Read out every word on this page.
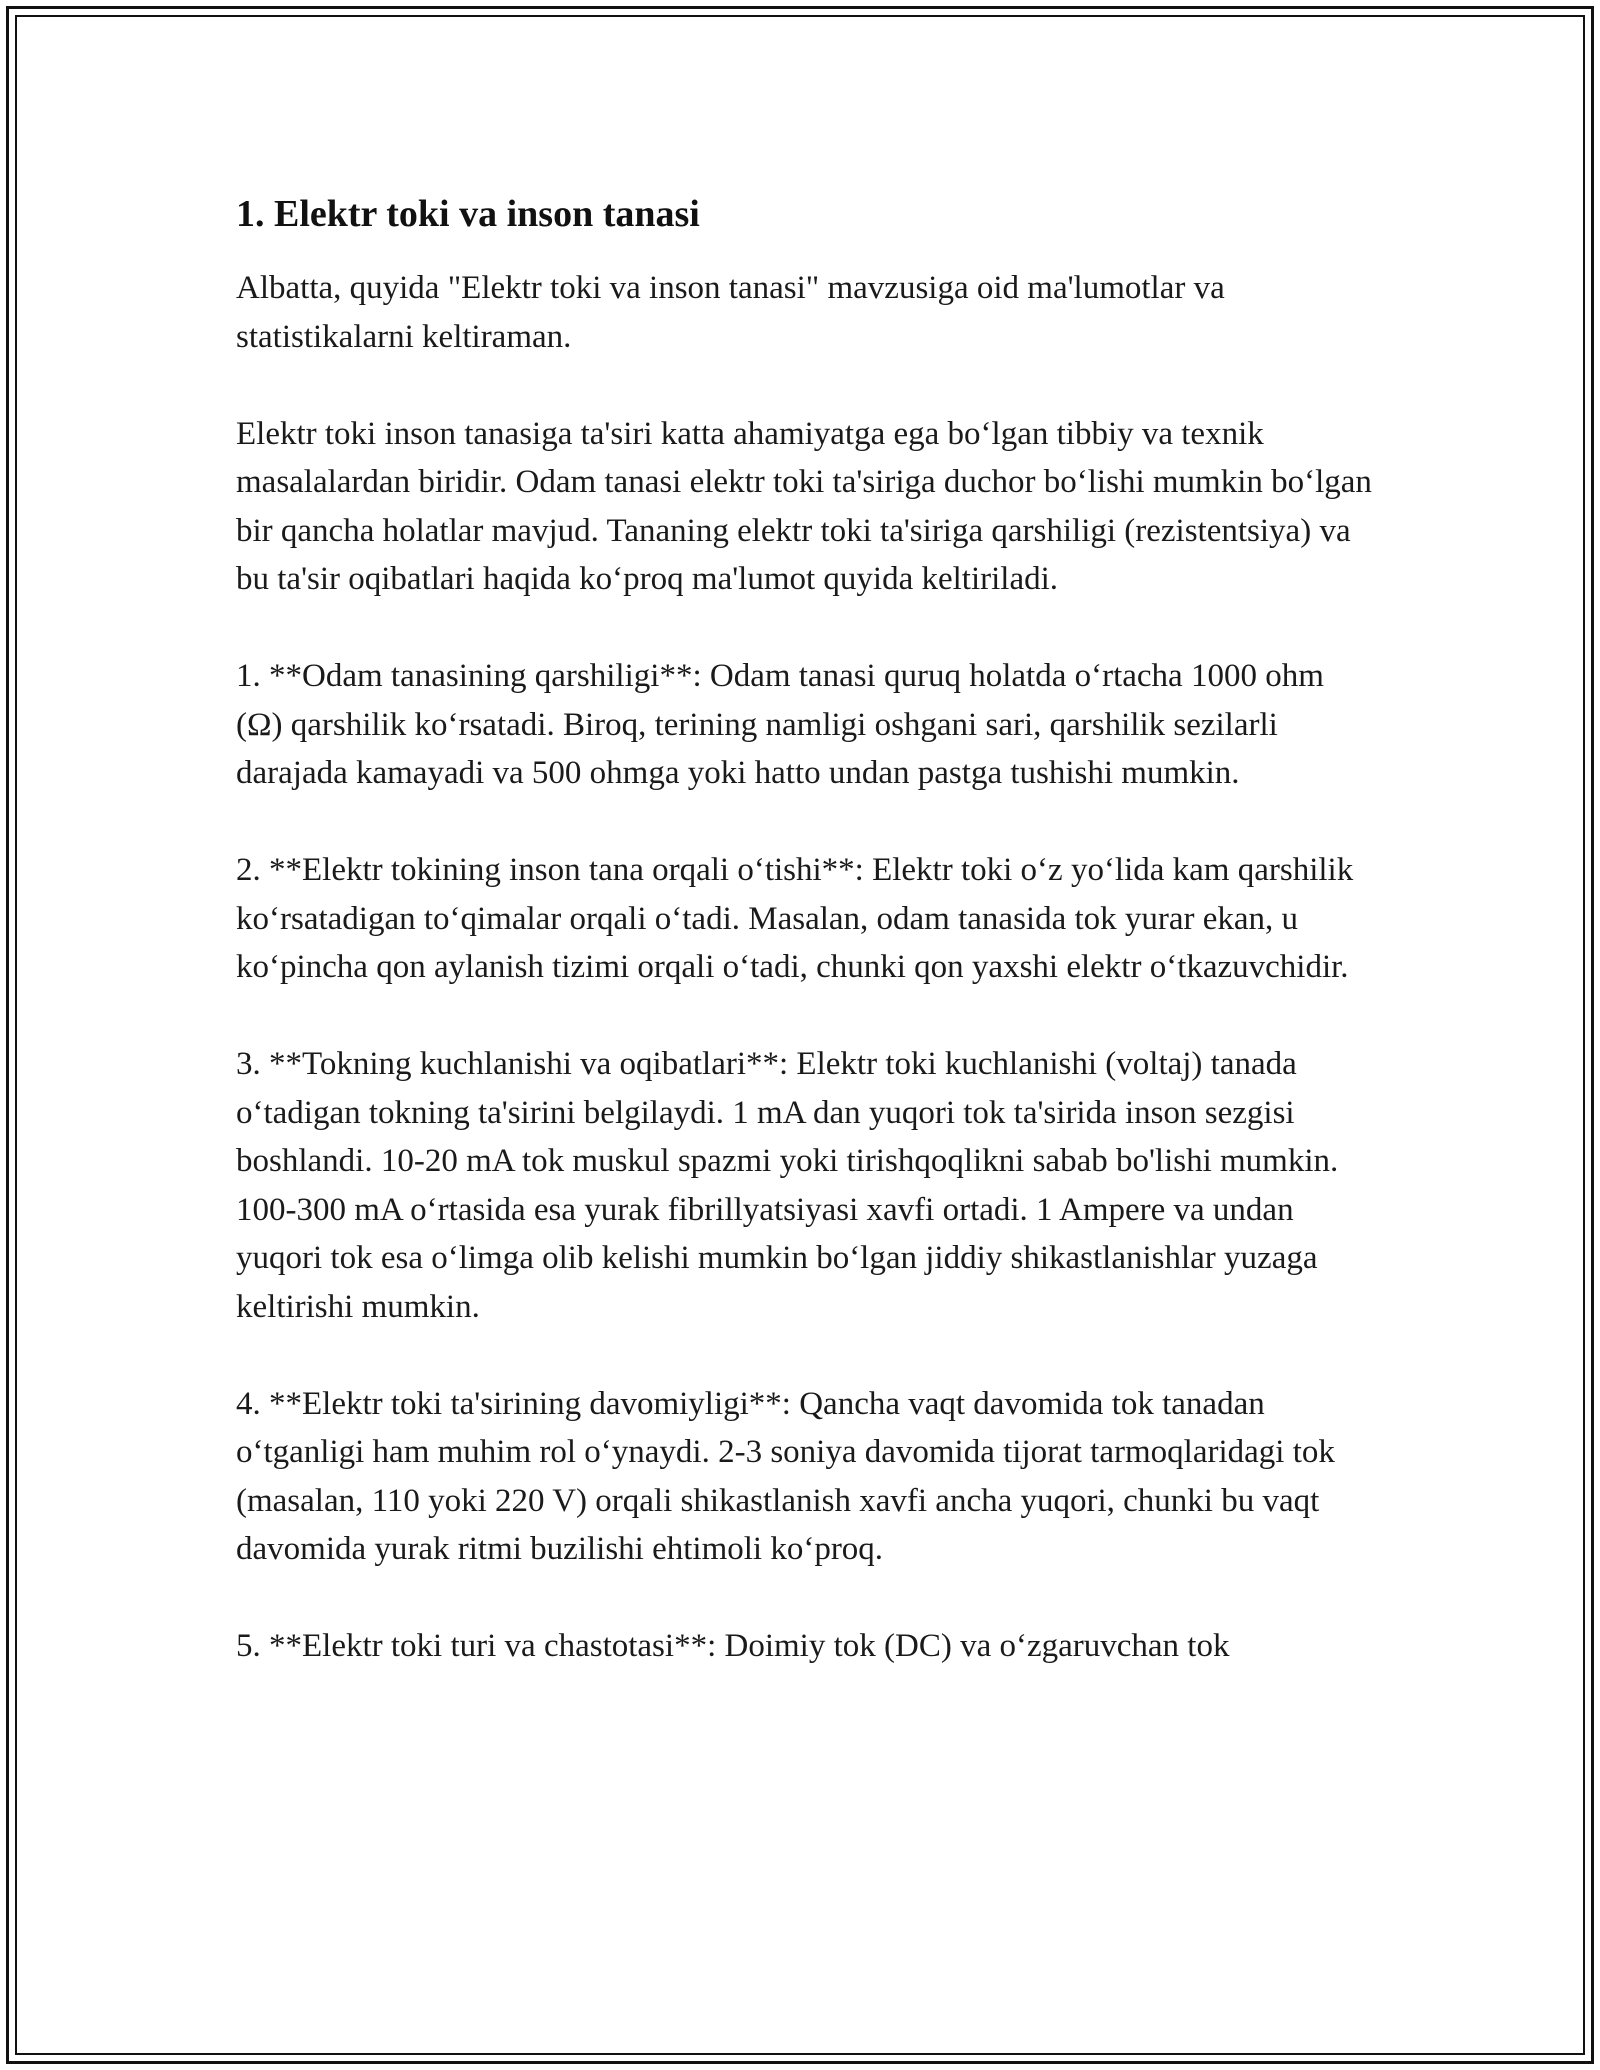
1. Elektr toki va inson tanasi

Albatta, quyida "Elektr toki va inson tanasi" mavzusiga oid ma'lumotlar va statistikalarni keltiraman.

Elektr toki inson tanasiga ta'siri katta ahamiyatga ega bo‘lgan tibbiy va texnik masalalardan biridir. Odam tanasi elektr toki ta'siriga duchor bo‘lishi mumkin bo‘lgan bir qancha holatlar mavjud. Tananing elektr toki ta'siriga qarshiligi (rezistentsiya) va bu ta'sir oqibatlari haqida ko‘proq ma'lumot quyida keltiriladi.

1. **Odam tanasining qarshiligi**: Odam tanasi quruq holatda o‘rtacha 1000 ohm (Ω) qarshilik ko‘rsatadi. Biroq, terining namligi oshgani sari, qarshilik sezilarli darajada kamayadi va 500 ohmga yoki hatto undan pastga tushishi mumkin.

2. **Elektr tokining inson tana orqali o‘tishi**: Elektr toki o‘z yo‘lida kam qarshilik ko‘rsatadigan to‘qimalar orqali o‘tadi. Masalan, odam tanasida tok yurar ekan, u ko‘pincha qon aylanish tizimi orqali o‘tadi, chunki qon yaxshi elektr o‘tkazuvchidir.

3. **Tokning kuchlanishi va oqibatlari**: Elektr toki kuchlanishi (voltaj) tanada o‘tadigan tokning ta'sirini belgilaydi. 1 mA dan yuqori tok ta'sirida inson sezgisi boshlandi. 10-20 mA tok muskul spazmi yoki tirishqoqlikni sabab bo'lishi mumkin. 100-300 mA o‘rtasida esa yurak fibrillyatsiyasi xavfi ortadi. 1 Ampere va undan yuqori tok esa o‘limga olib kelishi mumkin bo‘lgan jiddiy shikastlanishlar yuzaga keltirishi mumkin.

4. **Elektr toki ta'sirining davomiyligi**: Qancha vaqt davomida tok tanadan o‘tganligi ham muhim rol o‘ynaydi. 2-3 soniya davomida tijorat tarmoqlaridagi tok (masalan, 110 yoki 220 V) orqali shikastlanish xavfi ancha yuqori, chunki bu vaqt davomida yurak ritmi buzilishi ehtimoli ko‘proq.

5. **Elektr toki turi va chastotasi**: Doimiy tok (DC) va o‘zgaruvchan tok
